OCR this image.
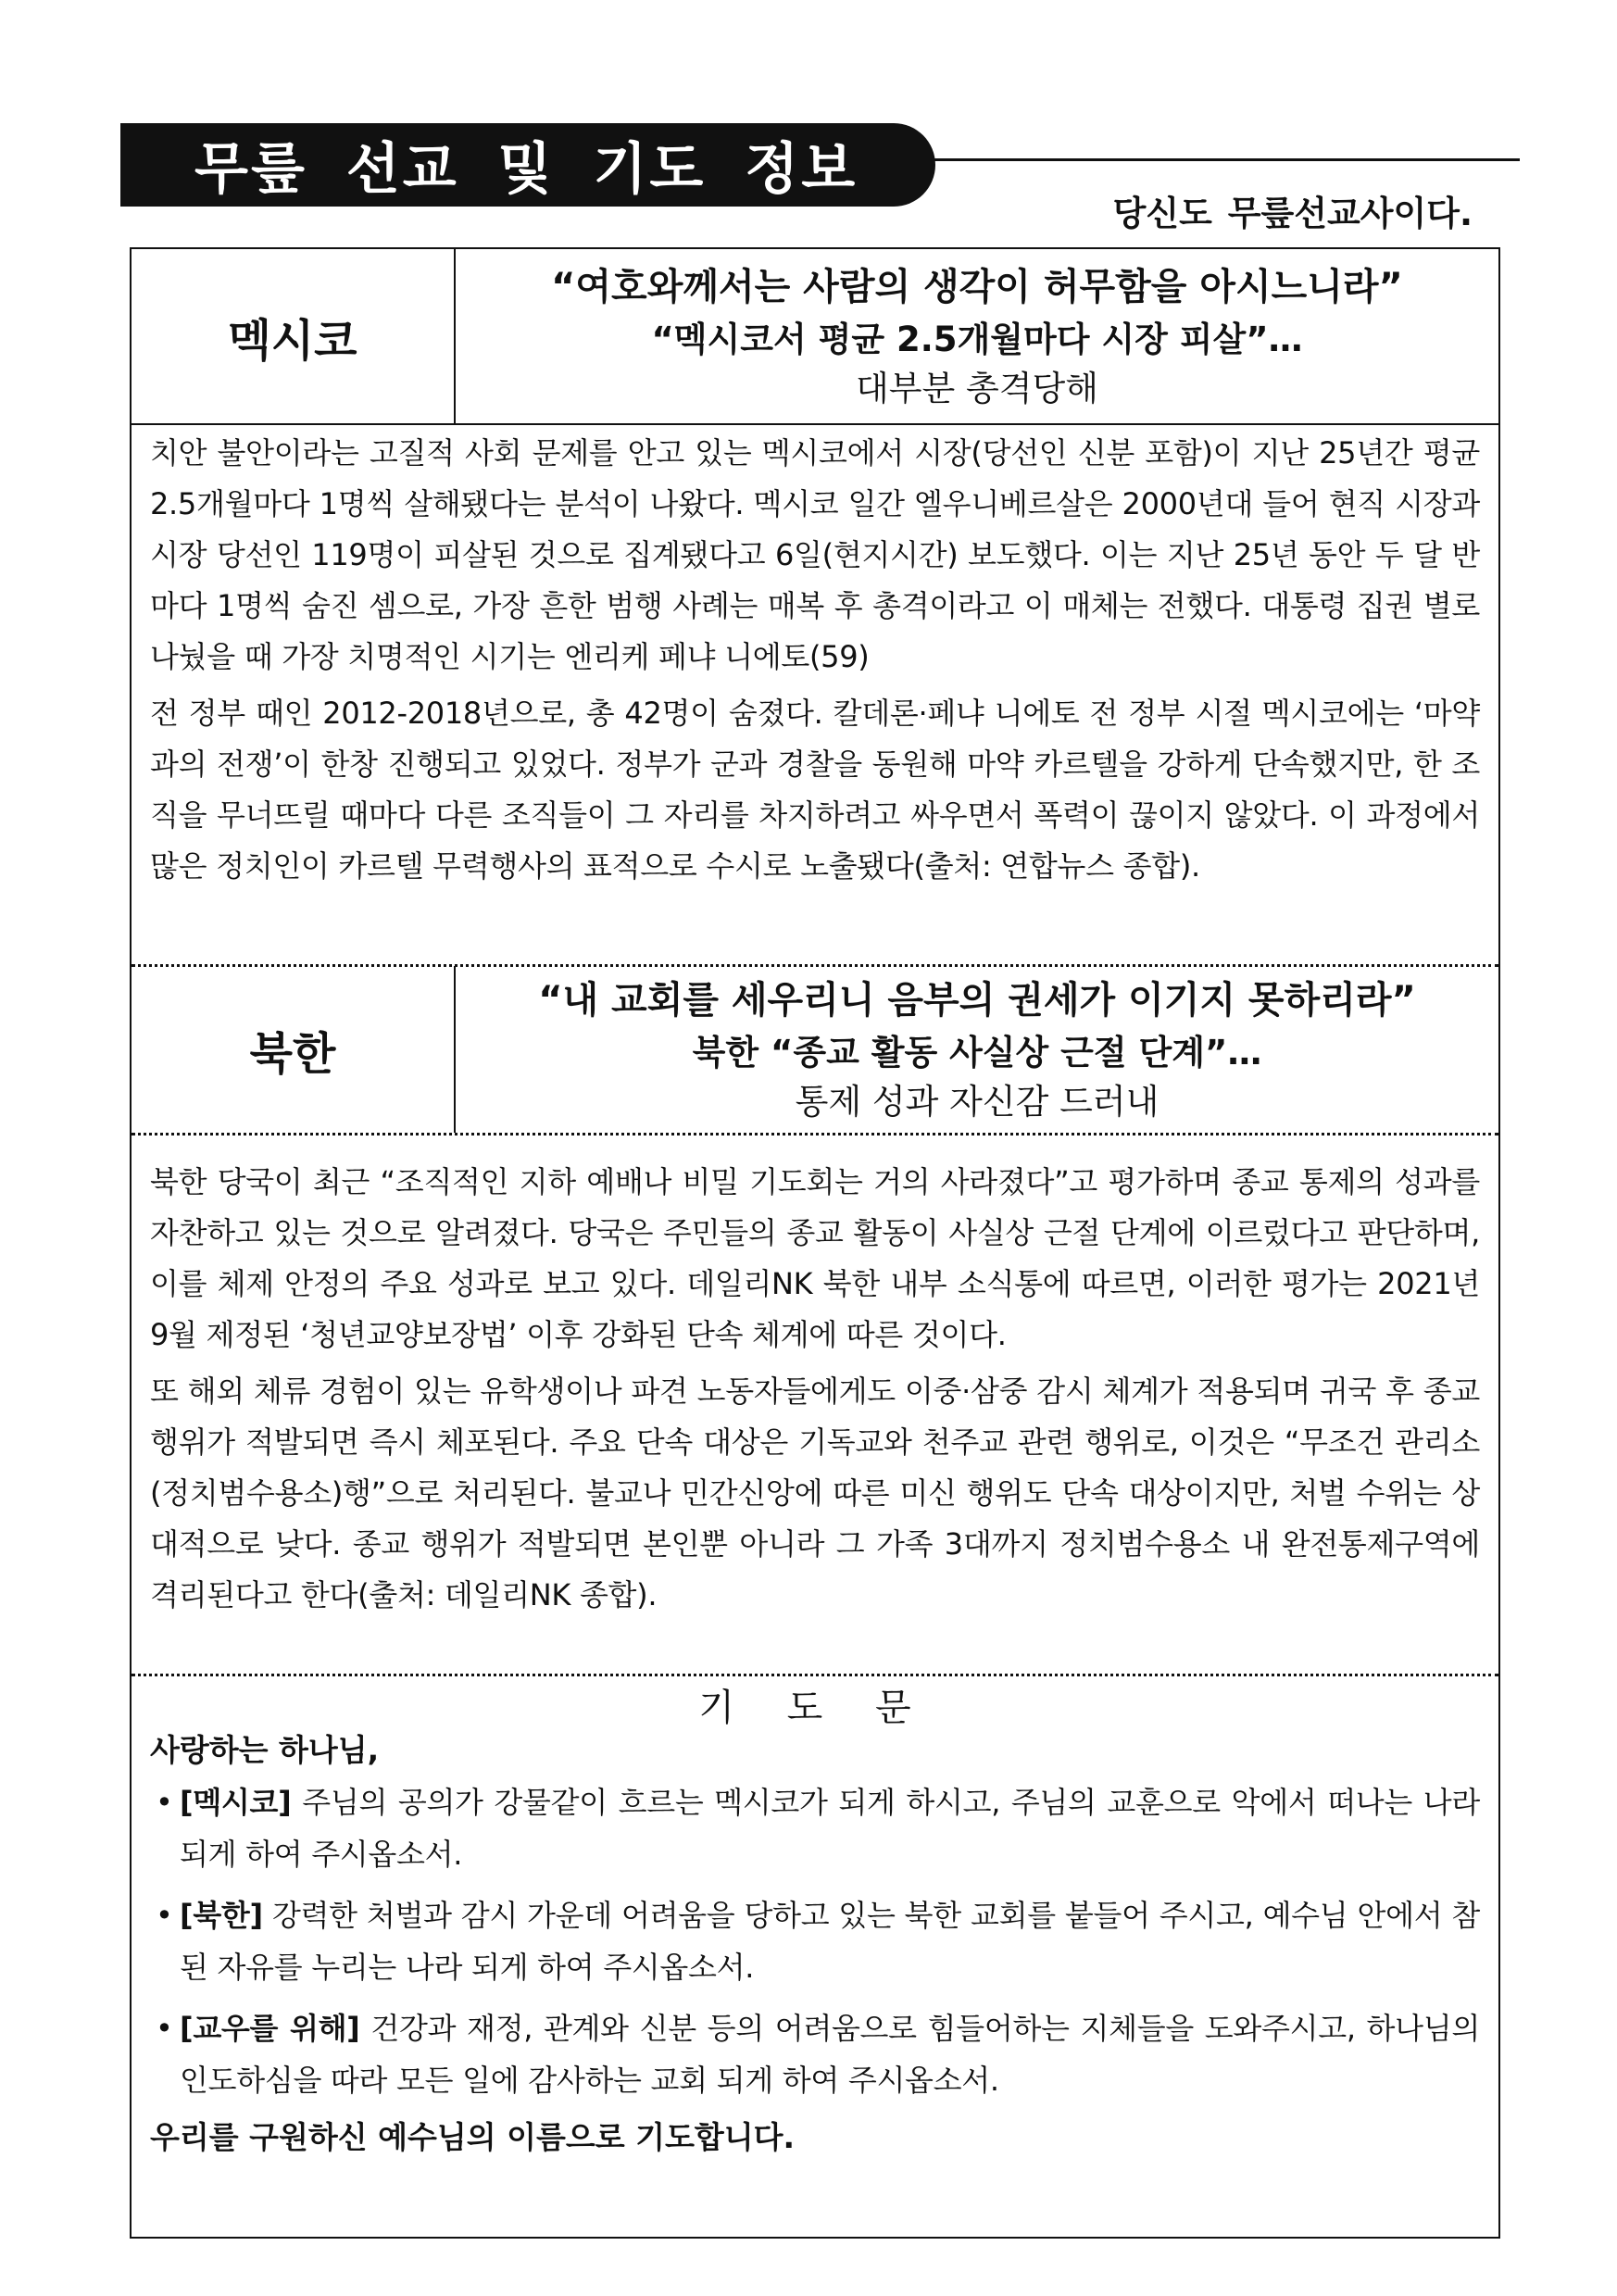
무릎 선교 및 기도 정보
당신도 무릎선교사이다.
멕시코
“여호와께서는 사람의 생각이 허무함을 아시느니라”
“멕시코서 평균 2.5개월마다 시장 피살”…
대부분 총격당해

치안 불안이라는 고질적 사회 문제를 안고 있는 멕시코에서 시장(당선인 신분 포함)이 지난 25년간 평균 2.5개월마다 1명씩 살해됐다는 분석이 나왔다. 멕시코 일간 엘우니베르살은 2000년대 들어 현직 시장과 시장 당선인 119명이 피살된 것으로 집계됐다고 6일(현지시간) 보도했다. 이는 지난 25년 동안 두 달 반마다 1명씩 숨진 셈으로, 가장 흔한 범행 사례는 매복 후 총격이라고 이 매체는 전했다. 대통령 집권 별로 나눴을 때 가장 치명적인 시기는 엔리케 페냐 니에토(59)

전 정부 때인 2012-2018년으로, 총 42명이 숨졌다. 칼데론·페냐 니에토 전 정부 시절 멕시코에는 ‘마약과의 전쟁’이 한창 진행되고 있었다. 정부가 군과 경찰을 동원해 마약 카르텔을 강하게 단속했지만, 한 조직을 무너뜨릴 때마다 다른 조직들이 그 자리를 차지하려고 싸우면서 폭력이 끊이지 않았다. 이 과정에서 많은 정치인이 카르텔 무력행사의 표적으로 수시로 노출됐다(출처: 연합뉴스 종합).

북한
“내 교회를 세우리니 음부의 권세가 이기지 못하리라”
북한 “종교 활동 사실상 근절 단계”…
통제 성과 자신감 드러내

북한 당국이 최근 “조직적인 지하 예배나 비밀 기도회는 거의 사라졌다”고 평가하며 종교 통제의 성과를 자찬하고 있는 것으로 알려졌다. 당국은 주민들의 종교 활동이 사실상 근절 단계에 이르렀다고 판단하며, 이를 체제 안정의 주요 성과로 보고 있다. 데일리NK 북한 내부 소식통에 따르면, 이러한 평가는 2021년 9월 제정된 ‘청년교양보장법’ 이후 강화된 단속 체계에 따른 것이다.

또 해외 체류 경험이 있는 유학생이나 파견 노동자들에게도 이중·삼중 감시 체계가 적용되며 귀국 후 종교 행위가 적발되면 즉시 체포된다. 주요 단속 대상은 기독교와 천주교 관련 행위로, 이것은 “무조건 관리소(정치범수용소)행”으로 처리된다. 불교나 민간신앙에 따른 미신 행위도 단속 대상이지만, 처벌 수위는 상대적으로 낮다. 종교 행위가 적발되면 본인뿐 아니라 그 가족 3대까지 정치범수용소 내 완전통제구역에 격리된다고 한다(출처: 데일리NK 종합).

기 도 문
사랑하는 하나님,
• [멕시코] 주님의 공의가 강물같이 흐르는 멕시코가 되게 하시고, 주님의 교훈으로 악에서 떠나는 나라 되게 하여 주시옵소서.
• [북한] 강력한 처벌과 감시 가운데 어려움을 당하고 있는 북한 교회를 붙들어 주시고, 예수님 안에서 참된 자유를 누리는 나라 되게 하여 주시옵소서.
• [교우를 위해] 건강과 재정, 관계와 신분 등의 어려움으로 힘들어하는 지체들을 도와주시고, 하나님의 인도하심을 따라 모든 일에 감사하는 교회 되게 하여 주시옵소서.
우리를 구원하신 예수님의 이름으로 기도합니다.
